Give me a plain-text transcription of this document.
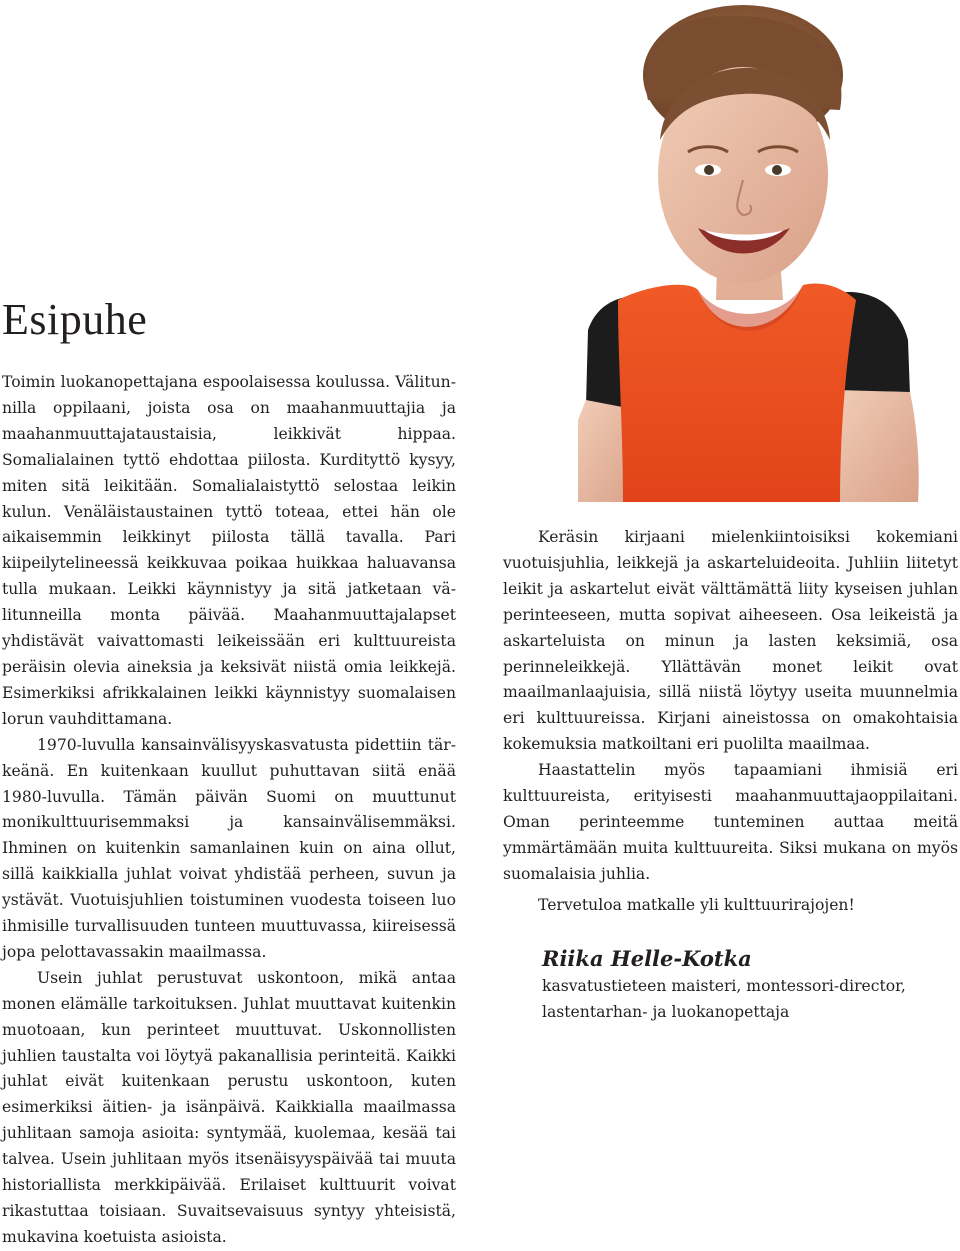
Esipuhe

Toimin luokanopettajana espoolaisessa koulussa. Välitunnilla oppilaani, joista osa on maahanmuuttajia ja maahanmuuttajataustaisia, leikkivät hippaa. Somalialainen tyttö ehdottaa piilosta. Kurdityttö kysyy, miten sitä leikitään. Somalialaistyttö selostaa leikin kulun. Venäläistaustainen tyttö toteaa, ettei hän ole aikaisemmin leikkinyt piilosta tällä tavalla. Pari kiipeilytelineessä keikkuvaa poikaa huikkaa haluavansa tulla mukaan. Leikki käynnistyy ja sitä jatketaan välitunneilla monta päivää. Maahanmuuttajalapset yhdistävät vaivattomasti leikeissään eri kulttuureista peräisin olevia aineksia ja keksivät niistä omia leikkejä. Esimerkiksi afrikkalainen leikki käynnistyy suomalaisen lorun vauhdittamana.

1970-luvulla kansainvälisyyskasvatusta pidettiin tärkeänä. En kuitenkaan kuullut puhuttavan siitä enää 1980-luvulla. Tämän päivän Suomi on muuttunut monikulttuurisemmaksi ja kansainvälisemmäksi. Ihminen on kuitenkin samanlainen kuin on aina ollut, sillä kaikkialla juhlat voivat yhdistää perheen, suvun ja ystävät. Vuotuisjuhlien toistuminen vuodesta toiseen luo ihmisille turvallisuuden tunteen muuttuvassa, kiireisessä jopa pelottavassakin maailmassa.

Usein juhlat perustuvat uskontoon, mikä antaa monen elämälle tarkoituksen. Juhlat muuttavat kuitenkin muotoaan, kun perinteet muuttuvat. Uskonnollisten juhlien taustalta voi löytyä pakanallisia perinteitä. Kaikki juhlat eivät kuitenkaan perustu uskontoon, kuten esimerkiksi äitien- ja isänpäivä. Kaikkialla maailmassa juhlitaan samoja asioita: syntymää, kuolemaa, kesää tai talvea. Usein juhlitaan myös itsenäisyyspäivää tai muuta historiallista merkkipäivää. Erilaiset kulttuurit voivat rikastuttaa toisiaan. Suvaitsevaisuus syntyy yhteisistä, mukavina koetuista asioista.

Keräsin kirjaani mielenkiintoisiksi kokemiani vuotuisjuhlia, leikkejä ja askarteluideoita. Juhliin liitetyt leikit ja askartelut eivät välttämättä liity kyseisen juhlan perinteeseen, mutta sopivat aiheeseen. Osa leikeistä ja askarteluista on minun ja lasten keksimiä, osa perinneleikkejä. Yllättävän monet leikit ovat maailmanlaajuisia, sillä niistä löytyy useita muunnelmia eri kulttuureissa. Kirjani aineistossa on omakohtaisia kokemuksia matkoiltani eri puolilta maailmaa.

Haastattelin myös tapaamiani ihmisiä eri kulttuureista, erityisesti maahanmuuttajaoppilaitani. Oman perinteemme tunteminen auttaa meitä ymmärtämään muita kulttuureita. Siksi mukana on myös suomalaisia juhlia.

Tervetuloa matkalle yli kulttuurirajojen!
Riika Helle-Kotka
kasvatustieteen maisteri, montessori-director,
lastentarhan- ja luokanopettaja
